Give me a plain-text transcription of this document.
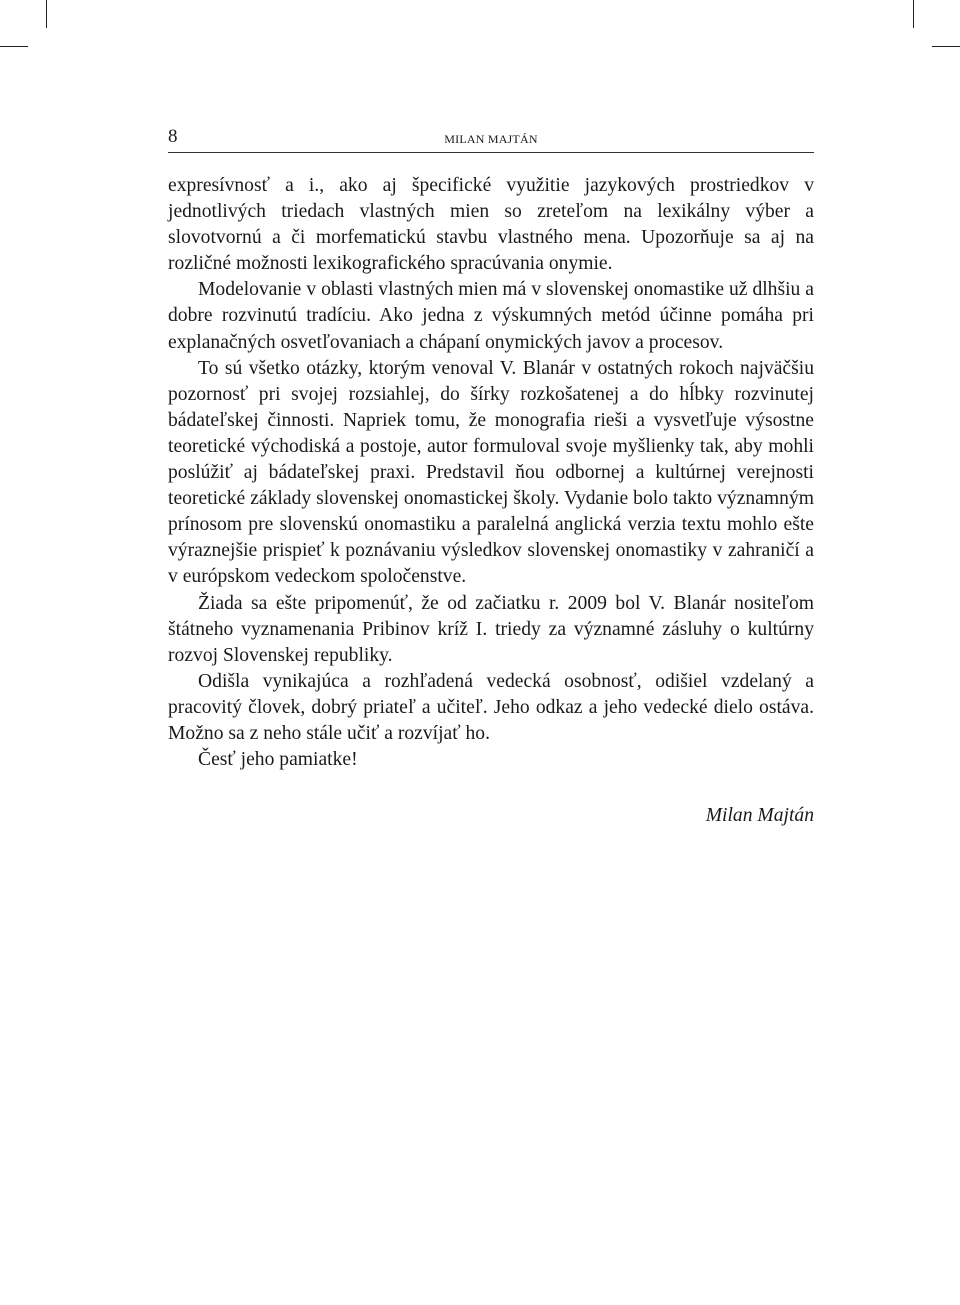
8	MILAN MAJTÁN

expresívnosť a i., ako aj špecifické využitie jazykových prostriedkov v jednotlivých triedach vlastných mien so zreteľom na lexikálny výber a slovotvornú a či morfematickú stavbu vlastného mena. Upozorňuje sa aj na rozličné možnosti lexikografického spracúvania onymie.

Modelovanie v oblasti vlastných mien má v slovenskej onomastike už dlhšiu a dobre rozvinutú tradíciu. Ako jedna z výskumných metód účinne pomáha pri explanačných osvetľovaniach a chápaní onymických javov a procesov.

To sú všetko otázky, ktorým venoval V. Blanár v ostatných rokoch najväčšiu pozornosť pri svojej rozsiahlej, do šírky rozkošatenej a do hĺbky rozvinutej bádateľskej činnosti. Napriek tomu, že monografia rieši a vysvetľuje výsostne teoretické východiská a postoje, autor formuloval svoje myšlienky tak, aby mohli poslúžiť aj bádateľskej praxi. Predstavil ňou odbornej a kultúrnej verejnosti teoretické základy slovenskej onomastickej školy. Vydanie bolo takto významným prínosom pre slovenskú onomastiku a paralelná anglická verzia textu mohlo ešte výraznejšie prispieť k poznávaniu výsledkov slovenskej onomastiky v zahraničí a v európskom vedeckom spoločenstve.

Žiada sa ešte pripomenúť, že od začiatku r. 2009 bol V. Blanár nositeľom štátneho vyznamenania Pribinov kríž I. triedy za významné zásluhy o kultúrny rozvoj Slovenskej republiky.

Odišla vynikajúca a rozhľadená vedecká osobnosť, odišiel vzdelaný a pracovitý človek, dobrý priateľ a učiteľ. Jeho odkaz a jeho vedecké dielo ostáva. Možno sa z neho stále učiť a rozvíjať ho.

Česť jeho pamiatke!

Milan Majtán
